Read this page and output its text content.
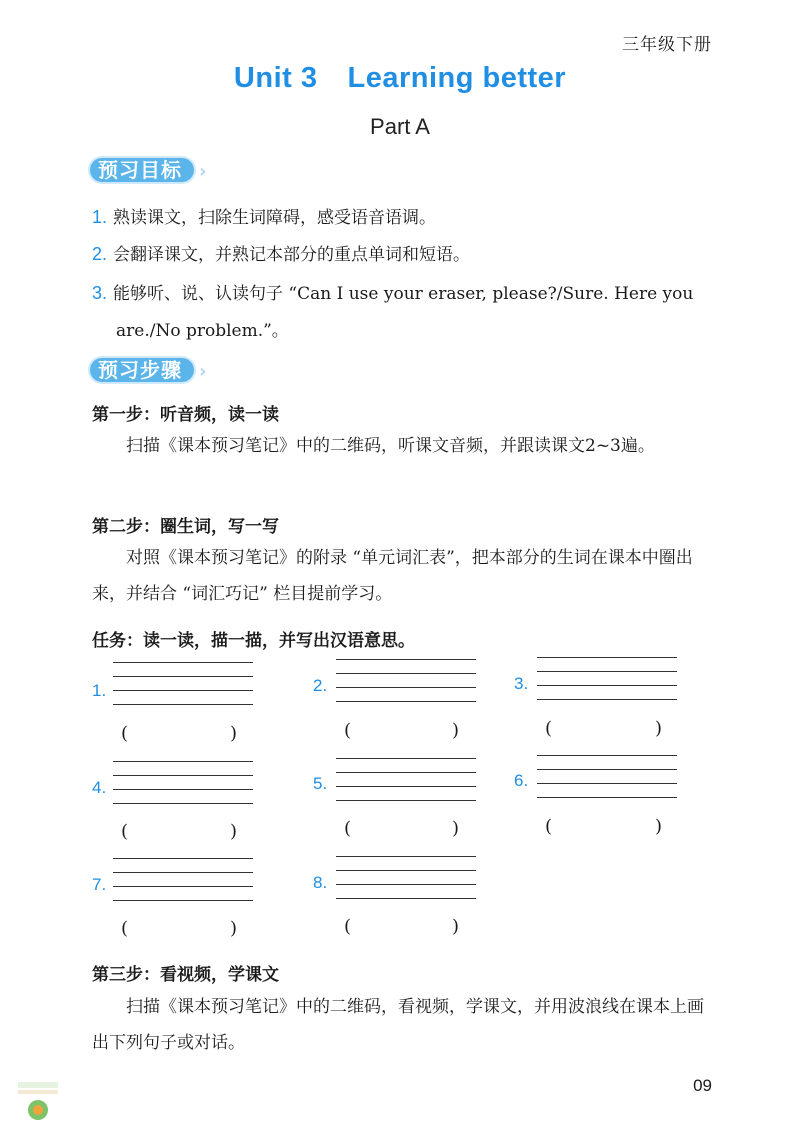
三年级下册
Unit 3 Learning better
Part A
预习目标 ›
1. 熟读课文，扫除生词障碍，感受语音语调。
2. 会翻译课文，并熟记本部分的重点单词和短语。
3. 能够听、说、认读句子 “Can I use your eraser, please?/Sure. Here you
are./No problem.”。
预习步骤 ›
第一步：听音频，读一读
扫描《课本预习笔记》中的二维码，听课文音频，并跟读课文2~3遍。
第二步：圈生词，写一写
对照《课本预习笔记》的附录 “单元词汇表”，把本部分的生词在课本中圈出来，并结合 “词汇巧记” 栏目提前学习。
任务：读一读，描一描，并写出汉语意思。
1.
(	)
2.
(	)
3.
(	)
4.
(	)
5.
(	)
6.
(	)
7.
(	)
8.
(	)
第三步：看视频，学课文
扫描《课本预习笔记》中的二维码，看视频，学课文，并用波浪线在课本上画出下列句子或对话。
09
